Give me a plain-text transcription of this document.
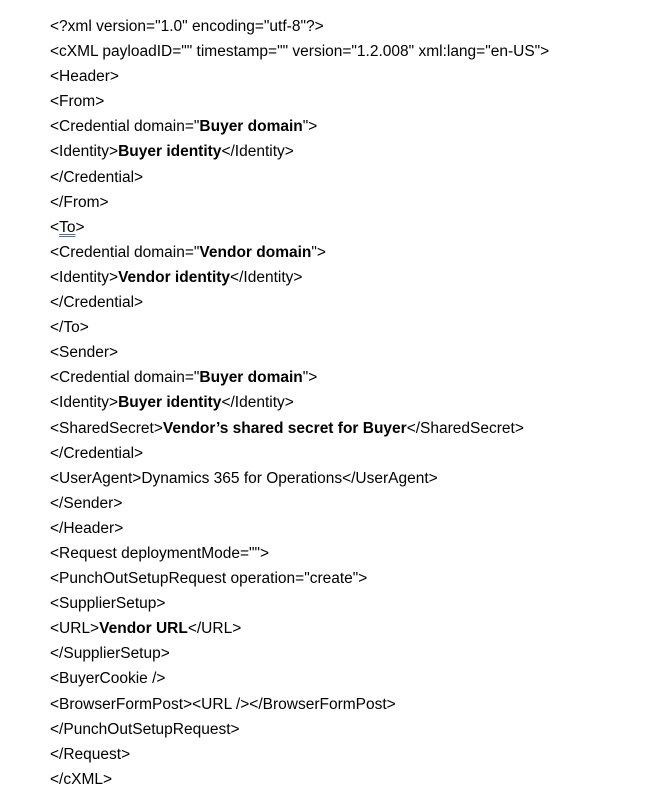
<?xml version="1.0" encoding="utf-8"?>
<cXML payloadID="" timestamp="" version="1.2.008" xml:lang="en-US">
<Header>
<From>
<Credential domain="Buyer domain">
<Identity>Buyer identity</Identity>
</Credential>
</From>
<To>
<Credential domain="Vendor domain">
<Identity>Vendor identity</Identity>
</Credential>
</To>
<Sender>
<Credential domain="Buyer domain">
<Identity>Buyer identity</Identity>
<SharedSecret>Vendor’s shared secret for Buyer</SharedSecret>
</Credential>
<UserAgent>Dynamics 365 for Operations</UserAgent>
</Sender>
</Header>
<Request deploymentMode="">
<PunchOutSetupRequest operation="create">
<SupplierSetup>
<URL>Vendor URL</URL>
</SupplierSetup>
<BuyerCookie />
<BrowserFormPost><URL /></BrowserFormPost>
</PunchOutSetupRequest>
</Request>
</cXML>
